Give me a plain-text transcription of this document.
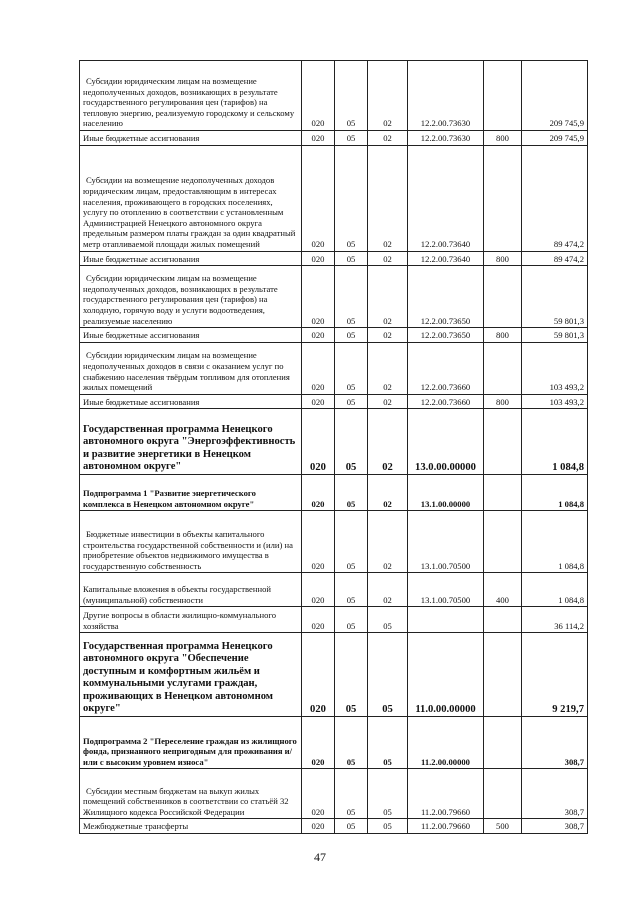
Субсидии юридическим лицам на возмещение недополученных доходов, возникающих в результате государственного регулирования цен (тарифов) на тепловую энергию, реализуемую городскому и сельскому населению	020	05	02	12.2.00.73630		209 745,9
Иные бюджетные ассигнования	020	05	02	12.2.00.73630	800	209 745,9
Субсидии на возмещение недополученных доходов юридическим лицам, предоставляющим в интересах населения, проживающего в городских поселениях, услугу по отоплению в соответствии с установленным Администрацией Ненецкого автономного округа предельным размером платы граждан за один квадратный метр отапливаемой площади жилых помещений	020	05	02	12.2.00.73640		89 474,2
Иные бюджетные ассигнования	020	05	02	12.2.00.73640	800	89 474,2
Субсидии юридическим лицам на возмещение недополученных доходов, возникающих в результате государственного регулирования цен (тарифов) на холодную, горячую воду и услуги водоотведения, реализуемые населению	020	05	02	12.2.00.73650		59 801,3
Иные бюджетные ассигнования	020	05	02	12.2.00.73650	800	59 801,3
Субсидии юридическим лицам на возмещение недополученных доходов в связи с оказанием услуг по снабжению населения твёрдым топливом для отопления жилых помещений	020	05	02	12.2.00.73660		103 493,2
Иные бюджетные ассигнования	020	05	02	12.2.00.73660	800	103 493,2
Государственная программа Ненецкого автономного округа "Энергоэффективность и развитие энергетики в Ненецком автономном округе"	020	05	02	13.0.00.00000		1 084,8
Подпрограмма 1 "Развитие энергетического комплекса в Ненецком автономном округе"	020	05	02	13.1.00.00000		1 084,8
Бюджетные инвестиции в объекты капитального строительства государственной собственности и (или) на приобретение объектов недвижимого имущества в государственную собственность	020	05	02	13.1.00.70500		1 084,8
Капитальные вложения в объекты государственной (муниципальной) собственности	020	05	02	13.1.00.70500	400	1 084,8
Другие вопросы в области жилищно-коммунального хозяйства	020	05	05			36 114,2
Государственная программа Ненецкого автономного округа "Обеспечение доступным и комфортным жильём и коммунальными услугами граждан, проживающих в Ненецком автономном округе"	020	05	05	11.0.00.00000		9 219,7
Подпрограмма 2 "Переселение граждан из жилищного фонда, признанного непригодным для проживания и/или с высоким уровнем износа"	020	05	05	11.2.00.00000		308,7
Субсидии местным бюджетам на выкуп жилых помещений собственников в соответствии со статьёй 32 Жилищного кодекса Российской Федерации	020	05	05	11.2.00.79660		308,7
Межбюджетные трансферты	020	05	05	11.2.00.79660	500	308,7
47
